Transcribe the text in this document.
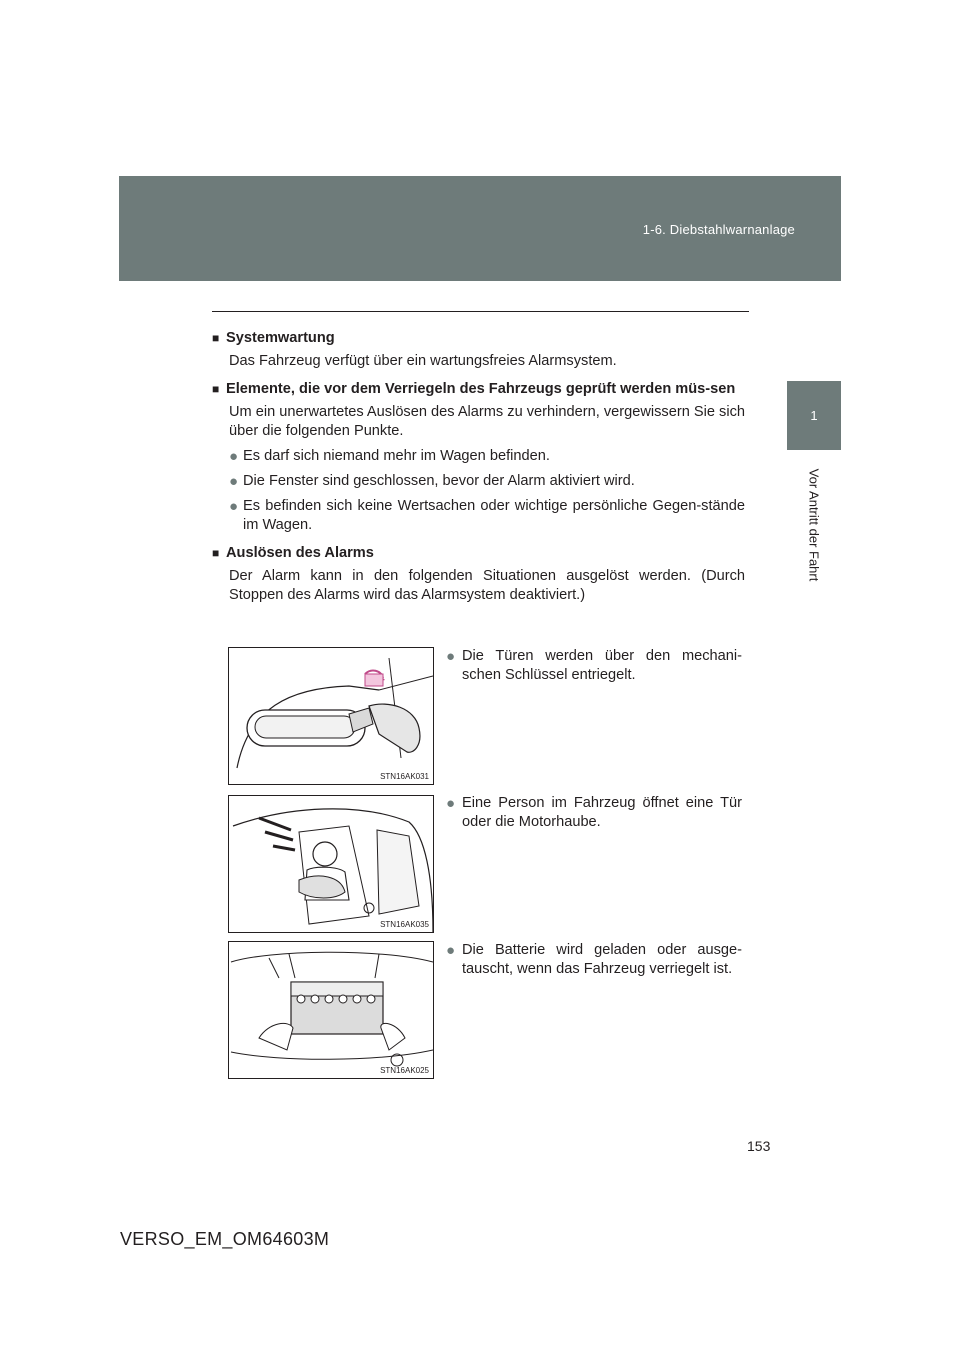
1-6. Diebstahlwarnanlage
1
Vor Antritt der Fahrt
■ Systemwartung
Das Fahrzeug verfügt über ein wartungsfreies Alarmsystem.
■ Elemente, die vor dem Verriegeln des Fahrzeugs geprüft werden müs-sen
Um ein unerwartetes Auslösen des Alarms zu verhindern, vergewissern Sie sich über die folgenden Punkte.
● Es darf sich niemand mehr im Wagen befinden.
● Die Fenster sind geschlossen, bevor der Alarm aktiviert wird.
● Es befinden sich keine Wertsachen oder wichtige persönliche Gegen-stände im Wagen.
■ Auslösen des Alarms
Der Alarm kann in den folgenden Situationen ausgelöst werden. (Durch Stoppen des Alarms wird das Alarmsystem deaktiviert.)
STN16AK031
● Die Türen werden über den mechani-schen Schlüssel entriegelt.
STN16AK035
● Eine Person im Fahrzeug öffnet eine Tür oder die Motorhaube.
STN16AK025
● Die Batterie wird geladen oder ausge-tauscht, wenn das Fahrzeug verriegelt ist.
153
VERSO_EM_OM64603M
